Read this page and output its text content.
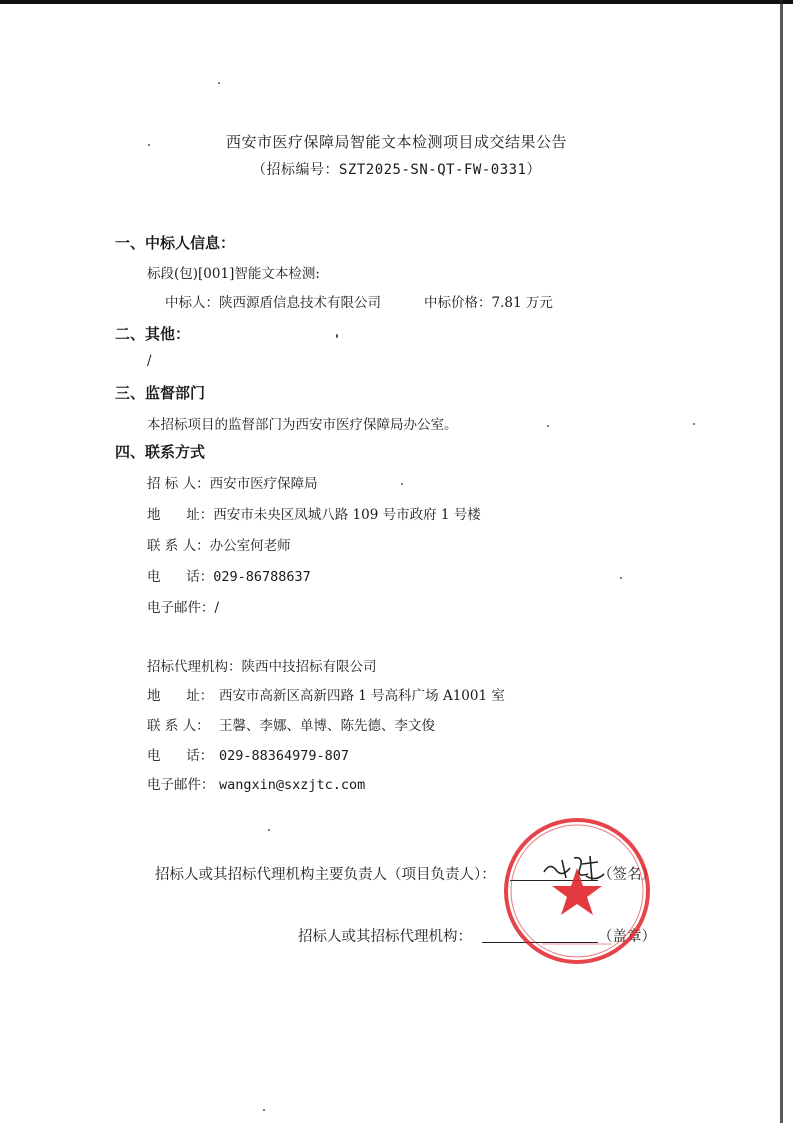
西安市医疗保障局智能文本检测项目成交结果公告
（招标编号：SZT2025-SN-QT-FW-0331）
一、中标人信息：
标段(包)[001]智能文本检测:
中标人：陕西源盾信息技术有限公司	中标价格：7.81 万元
二、其他：
/
三、监督部门
本招标项目的监督部门为西安市医疗保障局办公室。
四、联系方式
招 标 人：西安市医疗保障局
地      址：西安市未央区凤城八路 109 号市政府 1 号楼
联 系 人：办公室何老师
电      话：029-86788637
电子邮件：/
招标代理机构：陕西中技招标有限公司
地      址： 西安市高新区高新四路 1 号高科广场 A1001 室
联 系 人： 王馨、李娜、单博、陈先德、李文俊
电      话： 029-88364979-807
电子邮件： wangxin@sxzjtc.com
招标人或其招标代理机构主要负责人（项目负责人）：	（签名）
招标人或其招标代理机构：	（盖章）
